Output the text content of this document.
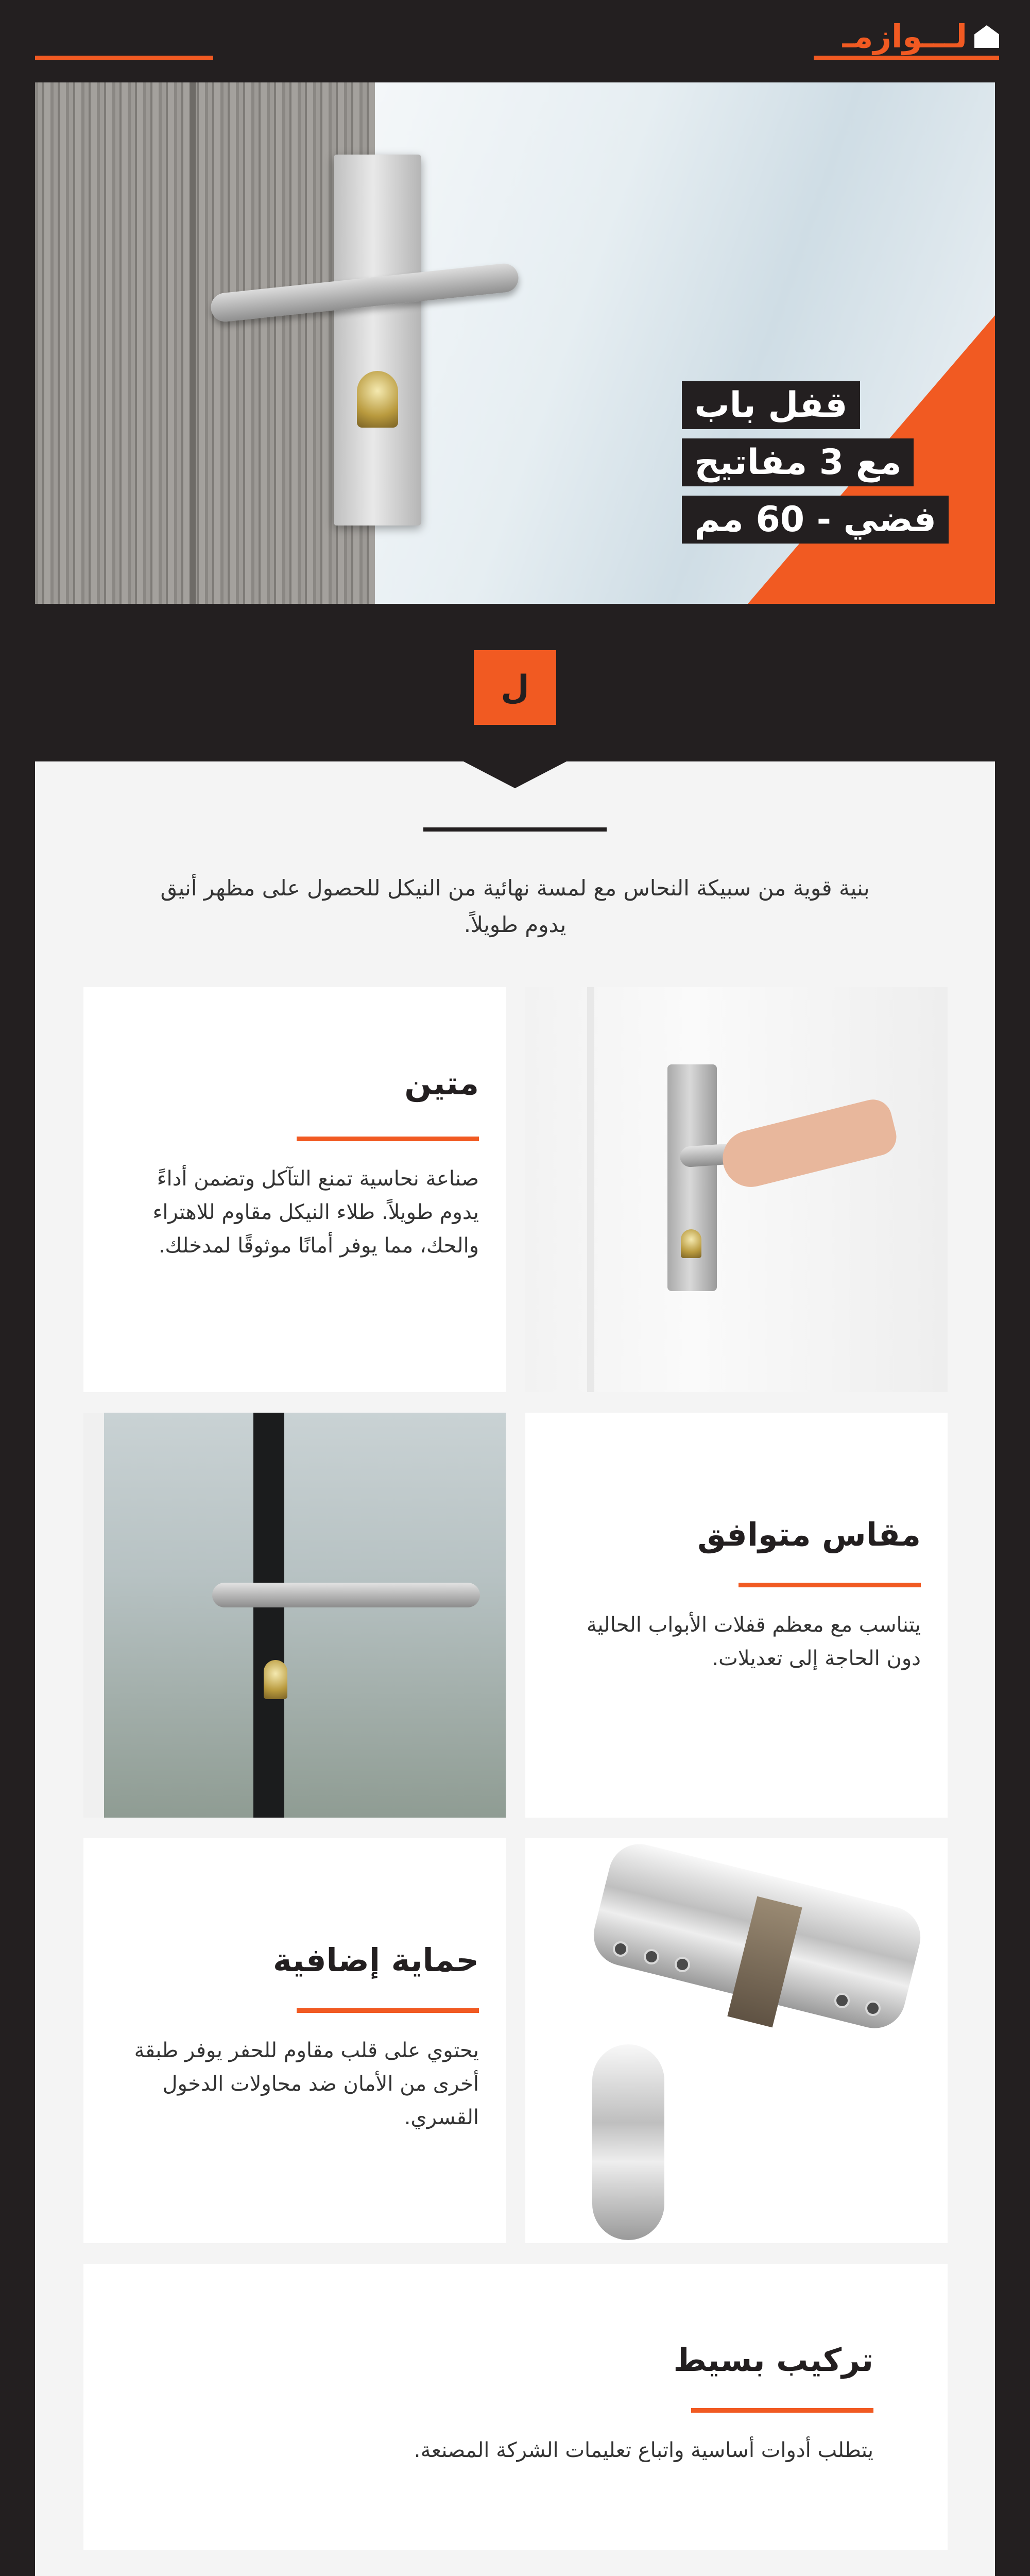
لـــوازمـ
قفل باب
مع 3 مفاتيح
فضي - 60 مم
ل

بنية قوية من سبيكة النحاس مع لمسة نهائية من النيكل للحصول على مظهر أنيق يدوم طويلاً.

متين
صناعة نحاسية تمنع التآكل وتضمن أداءً يدوم طويلاً. طلاء النيكل مقاوم للاهتراء والحك، مما يوفر أمانًا موثوقًا لمدخلك.
مقاس متوافق
يتناسب مع معظم قفلات الأبواب الحالية دون الحاجة إلى تعديلات.
حماية إضافية
يحتوي على قلب مقاوم للحفر يوفر طبقة أخرى من الأمان ضد محاولات الدخول القسري.
تركيب بسيط
يتطلب أدوات أساسية واتباع تعليمات الشركة المصنعة.
